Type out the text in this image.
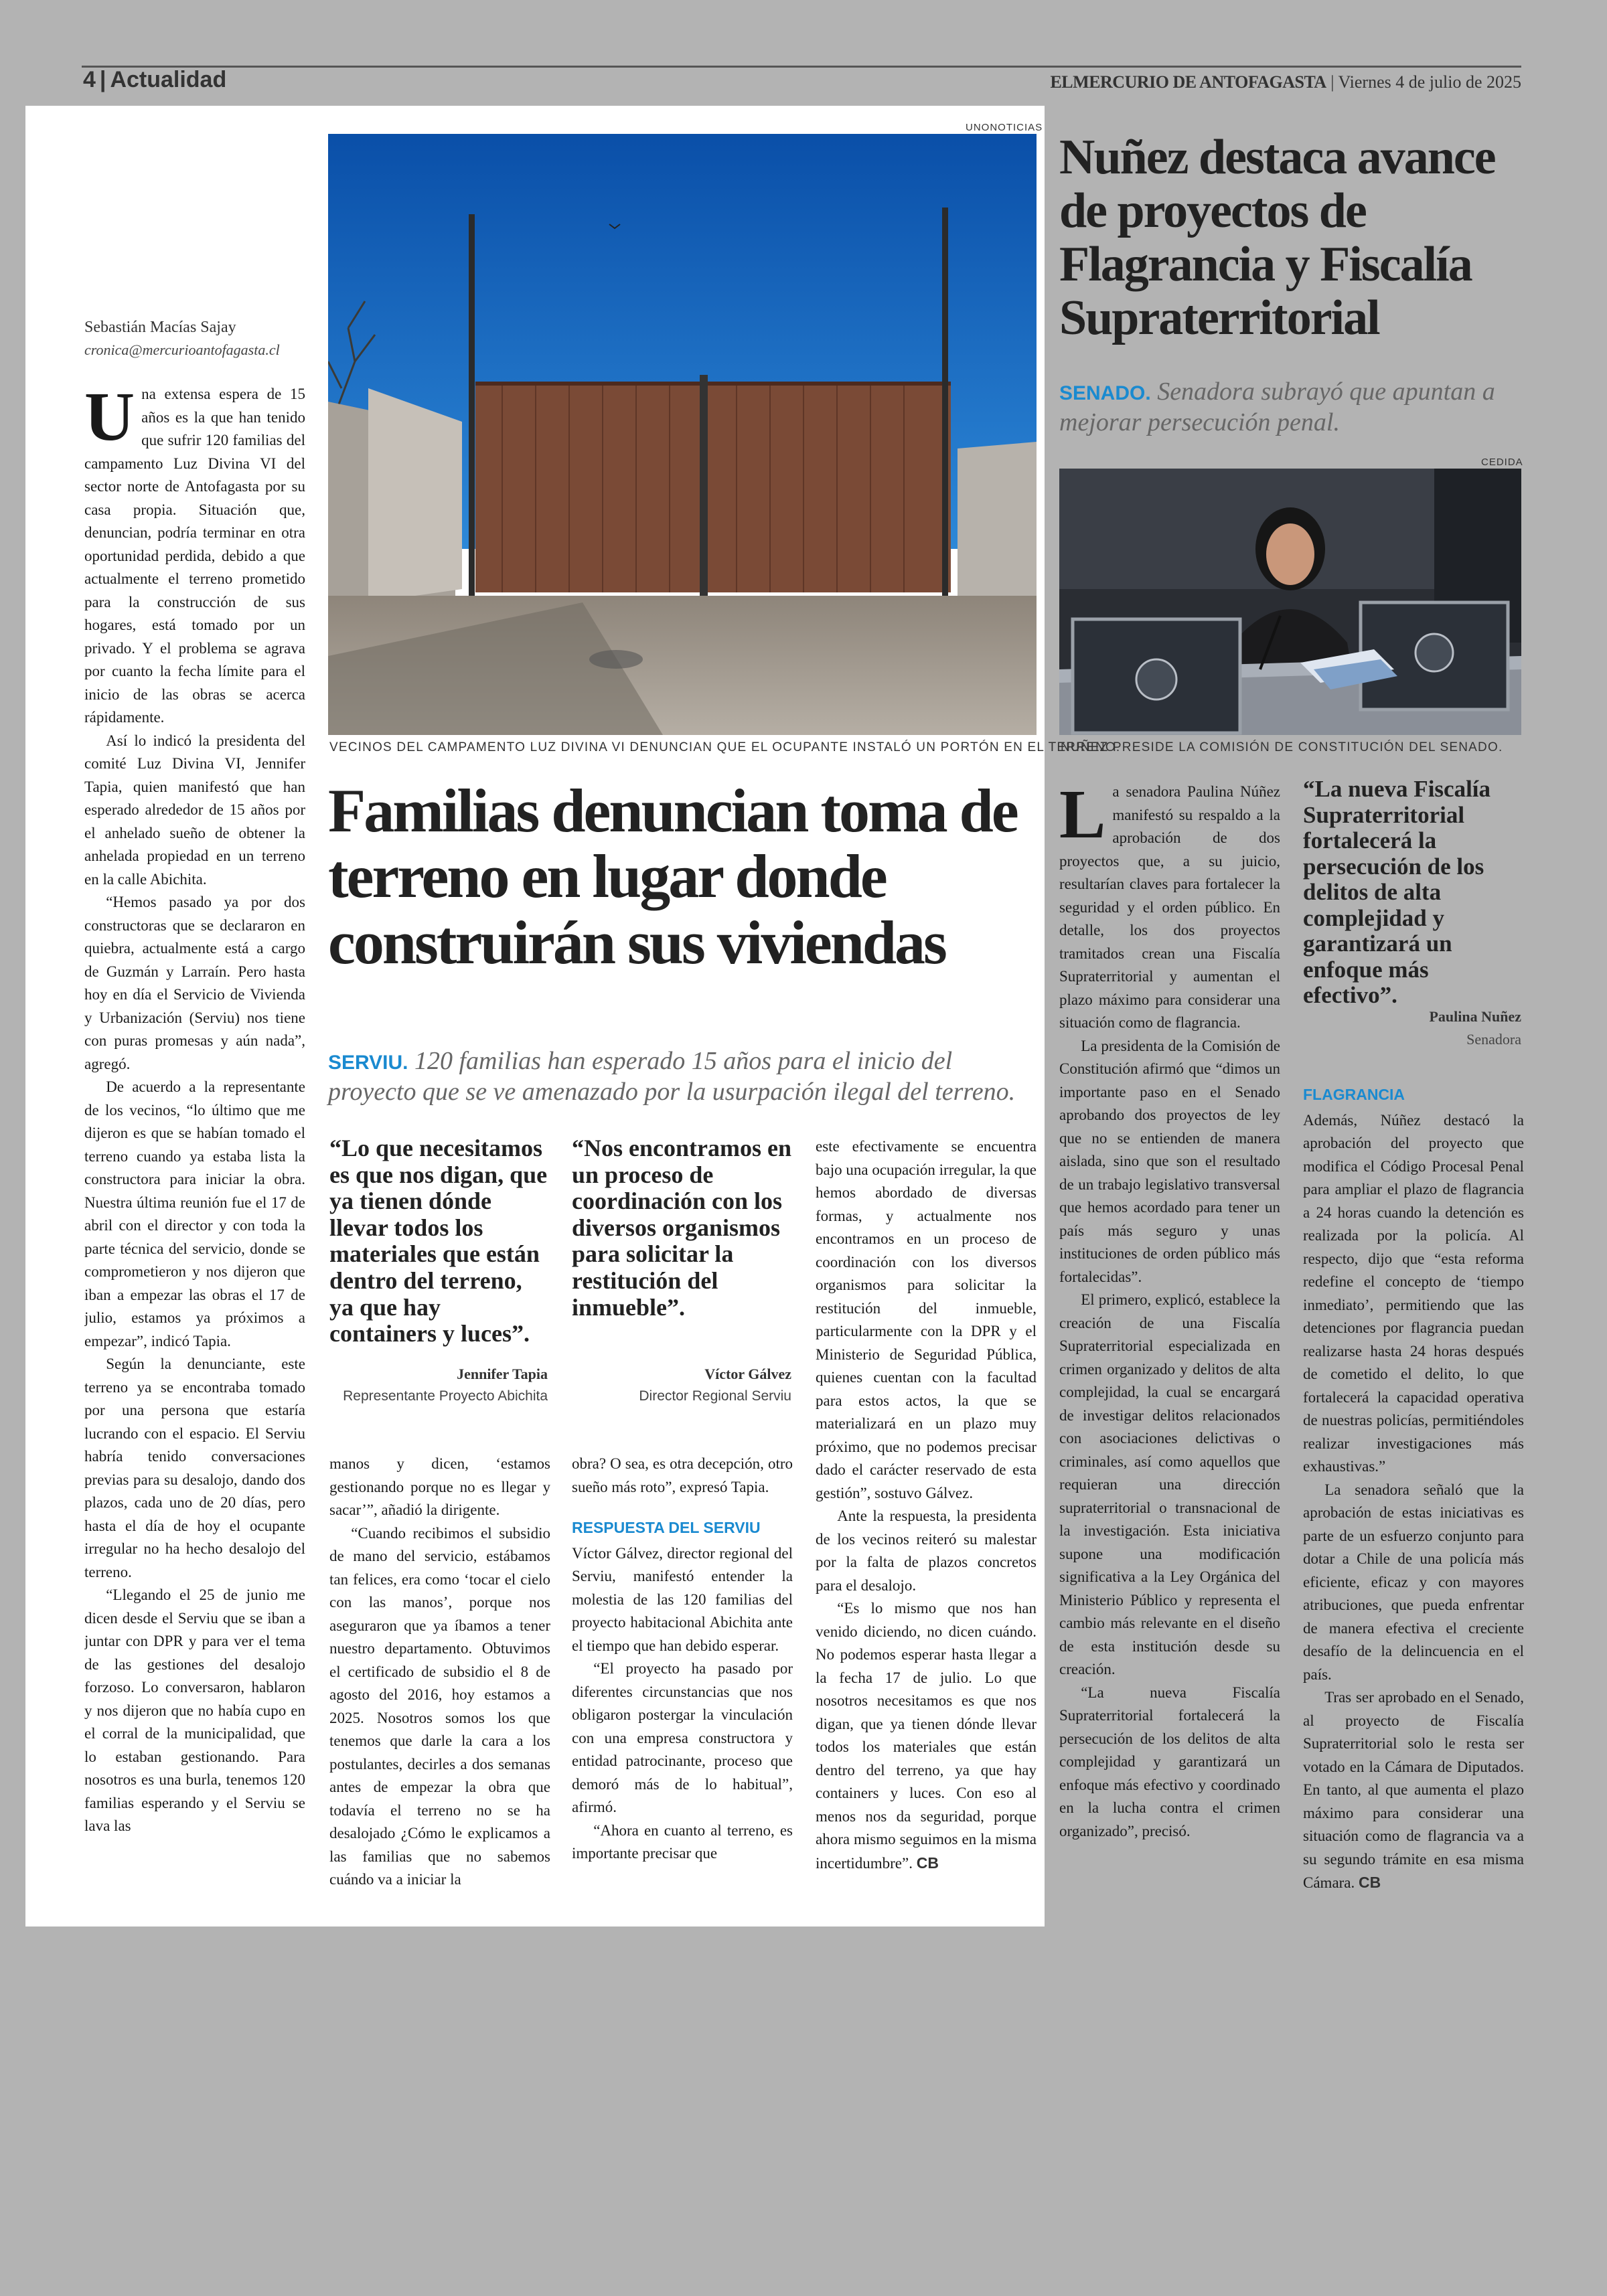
4 | Actualidad	ELMERCURIO DE ANTOFAGASTA | Viernes 4 de julio de 2025
UNONOTICIAS
VECINOS DEL CAMPAMENTO LUZ DIVINA VI DENUNCIAN QUE EL OCUPANTE INSTALÓ UN PORTÓN EN EL TERRENO.
Sebastián Macías Sajay
cronica@mercurioantofagasta.cl
U na extensa espera de 15 años es la que han tenido que sufrir 120 familias del campamento Luz Divina VI del sector norte de Antofagasta por su casa propia. Situación que, denuncian, podría terminar en otra oportunidad perdida, debido a que actualmente el terreno prometido para la construcción de sus hogares, está tomado por un privado. Y el problema se agrava por cuanto la fecha límite para el inicio de las obras se acerca rápidamente.

Así lo indicó la presidenta del comité Luz Divina VI, Jennifer Tapia, quien manifestó que han esperado alrededor de 15 años por el anhelado sueño de obtener la anhelada propiedad en un terreno en la calle Abichita.

“Hemos pasado ya por dos constructoras que se declararon en quiebra, actualmente está a cargo de Guzmán y Larraín. Pero hasta hoy en día el Servicio de Vivienda y Urbanización (Serviu) nos tiene con puras promesas y aún nada”, agregó.

De acuerdo a la representante de los vecinos, “lo último que me dijeron es que se habían tomado el terreno cuando ya estaba lista la constructora para iniciar la obra. Nuestra última reunión fue el 17 de abril con el director y con toda la parte técnica del servicio, donde se comprometieron y nos dijeron que iban a empezar las obras el 17 de julio, estamos ya próximos a empezar”, indicó Tapia.

Según la denunciante, este terreno ya se encontraba tomado por una persona que estaría lucrando con el espacio. El Serviu habría tenido conversaciones previas para su desalojo, dando dos plazos, cada uno de 20 días, pero hasta el día de hoy el ocupante irregular no ha hecho desalojo del terreno.

“Llegando el 25 de junio me dicen desde el Serviu que se iban a juntar con DPR y para ver el tema de las gestiones del desalojo forzoso. Lo conversaron, hablaron y nos dijeron que no había cupo en el corral de la municipalidad, que lo estaban gestionando. Para nosotros es una burla, tenemos 120 familias esperando y el Serviu se lava las

Familias denuncian toma de terreno en lugar donde construirán sus viviendas

SERVIU. 120 familias han esperado 15 años para el inicio del proyecto que se ve amenazado por la usurpación ilegal del terreno.

“Lo que necesitamos es que nos digan, que ya tienen dónde llevar todos los materiales que están dentro del terreno, ya que hay containers y luces”.
Jennifer Tapia
Representante Proyecto Abichita
“Nos encontramos en un proceso de coordinación con los diversos organismos para solicitar la restitución del inmueble”.
Víctor Gálvez
Director Regional Serviu

manos y dicen, ‘estamos gestionando porque no es llegar y sacar’”, añadió la dirigente.

“Cuando recibimos el subsidio de mano del servicio, estábamos tan felices, era como ‘tocar el cielo con las manos’, porque nos aseguraron que ya íbamos a tener nuestro departamento. Obtuvimos el certificado de subsidio el 8 de agosto del 2016, hoy estamos a 2025. Nosotros somos los que tenemos que darle la cara a los postulantes, decirles a dos semanas antes de empezar la obra que todavía el terreno no se ha desalojado ¿Cómo le explicamos a las familias que no sabemos cuándo va a iniciar la

obra? O sea, es otra decepción, otro sueño más roto”, expresó Tapia.

RESPUESTA DEL SERVIU

Víctor Gálvez, director regional del Serviu, manifestó entender la molestia de las 120 familias del proyecto habitacional Abichita ante el tiempo que han debido esperar.

“El proyecto ha pasado por diferentes circunstancias que nos obligaron postergar la vinculación con una empresa constructora y entidad patrocinante, proceso que demoró más de lo habitual”, afirmó.

“Ahora en cuanto al terreno, es importante precisar que

este efectivamente se encuentra bajo una ocupación irregular, la que hemos abordado de diversas formas, y actualmente nos encontramos en un proceso de coordinación con los diversos organismos para solicitar la restitución del inmueble, particularmente con la DPR y el Ministerio de Seguridad Pública, quienes cuentan con la facultad para estos actos, la que se materializará en un plazo muy próximo, que no podemos precisar dado el carácter reservado de esta gestión”, sostuvo Gálvez.

Ante la respuesta, la presidenta de los vecinos reiteró su malestar por la falta de plazos concretos para el desalojo.

“Es lo mismo que nos han venido diciendo, no dicen cuándo. No podemos esperar hasta llegar a la fecha 17 de julio. Lo que nosotros necesitamos es que nos digan, que ya tienen dónde llevar todos los materiales que están dentro del terreno, ya que hay containers y luces. Con eso al menos nos da seguridad, porque ahora mismo seguimos en la misma incertidumbre”. CB

Nuñez destaca avance de proyectos de Flagrancia y Fiscalía Supraterritorial

SENADO. Senadora subrayó que apuntan a mejorar persecución penal.

CEDIDA
NUÑEZ PRESIDE LA COMISIÓN DE CONSTITUCIÓN DEL SENADO.
L a senadora Paulina Núñez manifestó su respaldo a la aprobación de dos proyectos que, a su juicio, resultarían claves para fortalecer la seguridad y el orden público. En detalle, los dos proyectos tramitados crean una Fiscalía Supraterritorial y aumentan el plazo máximo para considerar una situación como de flagrancia.

La presidenta de la Comisión de Constitución afirmó que “dimos un importante paso en el Senado aprobando dos proyectos de ley que no se entienden de manera aislada, sino que son el resultado de un trabajo legislativo transversal que hemos acordado para tener un país más seguro y unas instituciones de orden público más fortalecidas”.

El primero, explicó, establece la creación de una Fiscalía Supraterritorial especializada en crimen organizado y delitos de alta complejidad, la cual se encargará de investigar delitos relacionados con asociaciones delictivas o criminales, así como aquellos que requieran una dirección supraterritorial o transnacional de la investigación. Esta iniciativa supone una modificación significativa a la Ley Orgánica del Ministerio Público y representa el cambio más relevante en el diseño de esta institución desde su creación.

“La nueva Fiscalía Supraterritorial fortalecerá la persecución de los delitos de alta complejidad y garantizará un enfoque más efectivo y coordinado en la lucha contra el crimen organizado”, precisó.

“La nueva Fiscalía Supraterritorial fortalecerá la persecución de los delitos de alta complejidad y garantizará un enfoque más efectivo”.
Paulina Nuñez
Senadora
FLAGRANCIA

Además, Núñez destacó la aprobación del proyecto que modifica el Código Procesal Penal para ampliar el plazo de flagrancia a 24 horas cuando la detención es realizada por la policía. Al respecto, dijo que “esta reforma redefine el concepto de ‘tiempo inmediato’, permitiendo que las detenciones por flagrancia puedan realizarse hasta 24 horas después de cometido el delito, lo que fortalecerá la capacidad operativa de nuestras policías, permitiéndoles realizar investigaciones más exhaustivas.”

La senadora señaló que la aprobación de estas iniciativas es parte de un esfuerzo conjunto para dotar a Chile de una policía más eficiente, eficaz y con mayores atribuciones, que pueda enfrentar de manera efectiva el creciente desafío de la delincuencia en el país.

Tras ser aprobado en el Senado, al proyecto de Fiscalía Supraterritorial solo le resta ser votado en la Cámara de Diputados. En tanto, al que aumenta el plazo máximo para considerar una situación como de flagrancia va a su segundo trámite en esa misma Cámara. CB
